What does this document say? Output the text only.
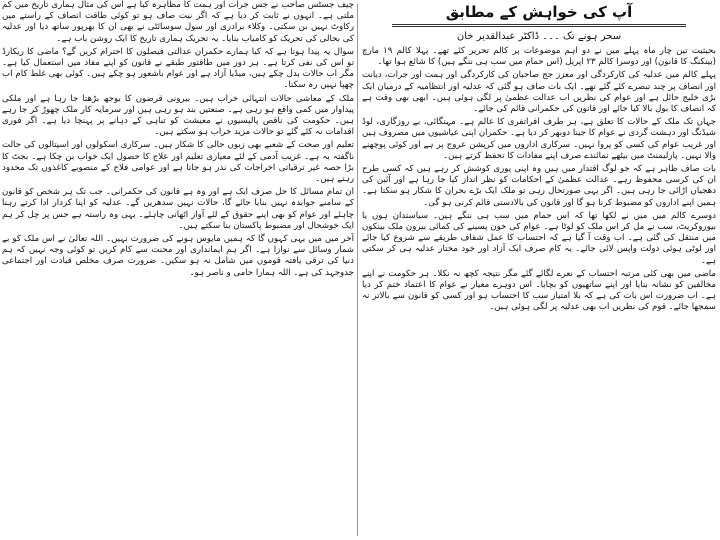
آپ کی خواہش کے مطابق
سحر ہونے تک ۔۔۔ ڈاکٹر عبدالقدیر خان

بحیثیت تین چار ماہ پہلے میں نے دو اہم موضوعات پر کالم تحریر کئے تھے۔ پہلا کالم ۱۹ مارچ (بینکنگ کا قانون) اور دوسرا کالم ۲۳ اپریل (اس حمام میں سب ہی ننگے ہیں) کا شائع ہوا تھا۔

پہلے کالم میں عدلیہ کی کارکردگی اور معزز جج صاحبان کی کارکردگی اور ہمت اور جرات، دیانت اور انصاف پر چند تبصرے کئے گئے تھے۔ ایک بات صاف ہو گئی کہ عدلیہ اور انتظامیہ کے درمیان ایک بڑی خلیج حائل ہے اور عوام کی نظریں اب عدالت عظمیٰ پر لگی ہوئی ہیں۔ ابھی بھی وقت ہے کہ انصاف کا بول بالا کیا جائے اور قانون کی حکمرانی قائم کی جائے۔

جہاں تک ملک کے حالات کا تعلق ہے، ہر طرف افراتفری کا عالم ہے۔ مہنگائی، بے روزگاری، لوڈ شیڈنگ اور دہشت گردی نے عوام کا جینا دوبھر کر دیا ہے۔ حکمران اپنی عیاشیوں میں مصروف ہیں اور غریب عوام کی کسی کو پروا نہیں۔ سرکاری اداروں میں کرپشن عروج پر ہے اور کوئی پوچھنے والا نہیں۔ پارلیمنٹ میں بیٹھے نمائندے صرف اپنے مفادات کا تحفظ کرتے ہیں۔

بات صاف ظاہر ہے کہ جو لوگ اقتدار میں ہیں وہ اپنی پوری کوشش کر رہے ہیں کہ کسی طرح ان کی کرسی محفوظ رہے۔ عدالت عظمیٰ کے احکامات کو نظر انداز کیا جا رہا ہے اور آئین کی دھجیاں اڑائی جا رہی ہیں۔ اگر یہی صورتحال رہی تو ملک ایک بڑے بحران کا شکار ہو سکتا ہے۔ ہمیں اپنے اداروں کو مضبوط کرنا ہو گا اور قانون کی بالادستی قائم کرنی ہو گی۔

دوسرے کالم میں میں نے لکھا تھا کہ اس حمام میں سب ہی ننگے ہیں۔ سیاستدان ہوں یا بیوروکریٹ، سب نے مل کر اس ملک کو لوٹا ہے۔ عوام کی خون پسینے کی کمائی بیرون ملک بینکوں میں منتقل کی گئی ہے۔ اب وقت آ گیا ہے کہ احتساب کا عمل شفاف طریقے سے شروع کیا جائے اور لوٹی ہوئی دولت واپس لائی جائے۔ یہ کام صرف ایک آزاد اور خود مختار عدلیہ ہی کر سکتی ہے۔

ماضی میں بھی کئی مرتبہ احتساب کے نعرے لگائے گئے مگر نتیجہ کچھ نہ نکلا۔ ہر حکومت نے اپنے مخالفین کو نشانہ بنایا اور اپنے ساتھیوں کو بچایا۔ اس دوہرے معیار نے عوام کا اعتماد ختم کر دیا ہے۔ اب ضرورت اس بات کی ہے کہ بلا امتیاز سب کا احتساب ہو اور کسی کو قانون سے بالاتر نہ سمجھا جائے۔ قوم کی نظریں اب بھی عدلیہ پر لگی ہوئی ہیں۔

چیف جسٹس صاحب نے جس جرات اور ہمت کا مظاہرہ کیا ہے اس کی مثال ہماری تاریخ میں کم ملتی ہے۔ انہوں نے ثابت کر دیا ہے کہ اگر نیت صاف ہو تو کوئی طاقت انصاف کے راستے میں رکاوٹ نہیں بن سکتی۔ وکلاء برادری اور سول سوسائٹی نے بھی ان کا بھرپور ساتھ دیا اور عدلیہ کی بحالی کی تحریک کو کامیاب بنایا۔ یہ تحریک ہماری تاریخ کا ایک روشن باب ہے۔

سوال یہ پیدا ہوتا ہے کہ کیا ہمارے حکمران عدالتی فیصلوں کا احترام کریں گے؟ ماضی کا ریکارڈ تو اس کی نفی کرتا ہے۔ ہر دور میں طاقتور طبقے نے قانون کو اپنے مفاد میں استعمال کیا ہے۔ مگر اب حالات بدل چکے ہیں، میڈیا آزاد ہے اور عوام باشعور ہو چکے ہیں۔ کوئی بھی غلط کام اب چھپا نہیں رہ سکتا۔

ملک کے معاشی حالات انتہائی خراب ہیں۔ بیرونی قرضوں کا بوجھ بڑھتا جا رہا ہے اور ملکی پیداوار میں کمی واقع ہو رہی ہے۔ صنعتیں بند ہو رہی ہیں اور سرمایہ کار ملک چھوڑ کر جا رہے ہیں۔ حکومت کی ناقص پالیسیوں نے معیشت کو تباہی کے دہانے پر پہنچا دیا ہے۔ اگر فوری اقدامات نہ کئے گئے تو حالات مزید خراب ہو سکتے ہیں۔

تعلیم اور صحت کے شعبے بھی زبوں حالی کا شکار ہیں۔ سرکاری اسکولوں اور اسپتالوں کی حالت ناگفتہ بہ ہے۔ غریب آدمی کے لئے معیاری تعلیم اور علاج کا حصول ایک خواب بن چکا ہے۔ بجٹ کا بڑا حصہ غیر ترقیاتی اخراجات کی نذر ہو جاتا ہے اور عوامی فلاح کے منصوبے کاغذوں تک محدود رہتے ہیں۔

ان تمام مسائل کا حل صرف ایک ہے اور وہ ہے قانون کی حکمرانی۔ جب تک ہر شخص کو قانون کے سامنے جوابدہ نہیں بنایا جائے گا، حالات نہیں سدھریں گے۔ عدلیہ کو اپنا کردار ادا کرتے رہنا چاہئے اور عوام کو بھی اپنے حقوق کے لئے آواز اٹھانی چاہئے۔ یہی وہ راستہ ہے جس پر چل کر ہم ایک خوشحال اور مضبوط پاکستان بنا سکتے ہیں۔

آخر میں میں یہی کہوں گا کہ ہمیں مایوس ہونے کی ضرورت نہیں۔ اللہ تعالیٰ نے اس ملک کو بے شمار وسائل سے نوازا ہے۔ اگر ہم ایمانداری اور محنت سے کام کریں تو کوئی وجہ نہیں کہ ہم دنیا کی ترقی یافتہ قوموں میں شامل نہ ہو سکیں۔ ضرورت صرف مخلص قیادت اور اجتماعی جدوجہد کی ہے۔ اللہ ہمارا حامی و ناصر ہو۔
